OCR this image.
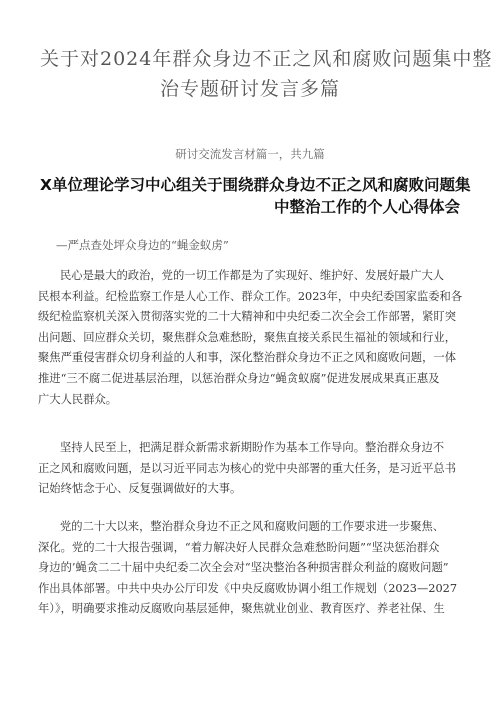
关于对2024年群众身边不正之风和腐败问题集中整
治专题研讨发言多篇
研讨交流发言材篇一，共九篇
X单位理论学习中心组关于围绕群众身边不正之风和腐败问题集
中整治工作的个人心得体会
—严点查处坪众身边的“蝇金蚁虏”
民心是最大的政治，党的一切工作都是为了实现好、维护好、发展好最广大人
民根本利益。纪检监察工作是人心工作、群众工作。2023年，中央纪委国家监委和各
级纪检监察机关深入贯彻落实党的二十大精神和中央纪委二次全会工作部署，紧盯突
出问题、回应群众关切，聚焦群众急难愁盼，聚焦直接关系民生福祉的领域和行业，
聚焦严重侵害群众切身利益的人和事，深化整治群众身边不正之风和腐败问题，一体
推进“三不腐二促进基层治理，以惩治群众身边“蝇贪蚁腐”促进发展成果真正惠及
广大人民群众。
坚持人民至上，把满足群众新需求新期盼作为基本工作导向。整治群众身边不
正之风和腐败问题，是以习近平同志为核心的党中央部署的重大任务，是习近平总书
记始终惦念于心、反复强调做好的大事。
党的二十大以来，整治群众身边不正之风和腐败问题的工作要求进一步聚焦、
深化。党的二十大报告强调，“着力解决好人民群众急难愁盼问题”“坚决惩治群众
身边的’蝇贪二二十届中央纪委二次全会对“坚决整治各种损害群众利益的腐败问题”
作出具体部署。中共中央办公厅印发《中央反腐败协调小组工作规划（2023—2027
年）》，明确要求推动反腐败向基层延伸，聚焦就业创业、教育医疗、养老社保、生
